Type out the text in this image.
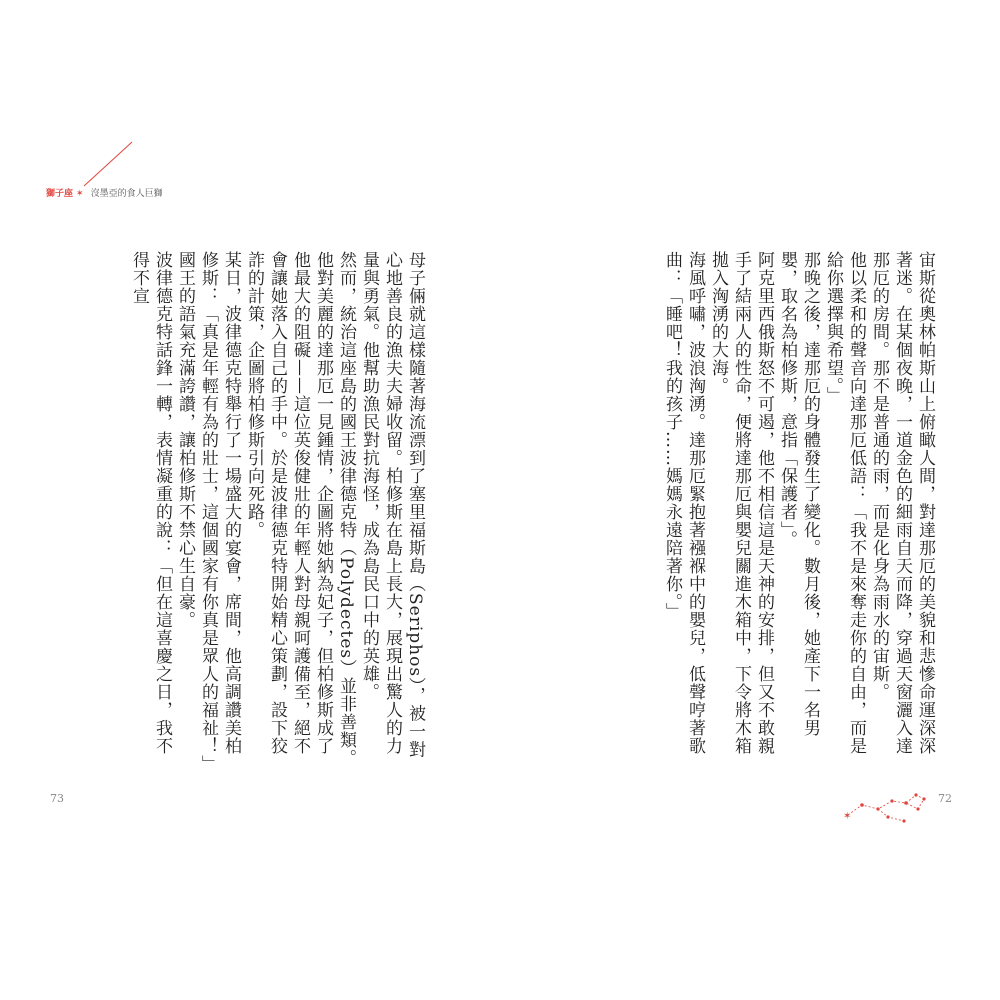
獅子座 ✶ 沒墨亞的食人巨獅

宙斯從奧林帕斯山上俯瞰人間，對達那厄的美貌和悲慘命運深深著迷。在某個夜晚，一道金色的細雨自天而降，穿過天窗灑入達那厄的房間。那不是普通的雨，而是化身為雨水的宙斯。

他以柔和的聲音向達那厄低語：「我不是來奪走你的自由，而是給你選擇與希望。」

那晚之後，達那厄的身體發生了變化。數月後，她產下一名男嬰，取名為柏修斯，意指「保護者」。

阿克里西俄斯怒不可遏，他不相信這是天神的安排，但又不敢親手了結兩人的性命，便將達那厄與嬰兒關進木箱中，下令將木箱拋入洶湧的大海。

海風呼嘯，波浪洶湧。達那厄緊抱著襁褓中的嬰兒，低聲哼著歌曲：「睡吧！我的孩子……媽媽永遠陪著你。」

母子倆就這樣隨著海流漂到了塞里福斯島（Seriphos），被一對心地善良的漁夫夫婦收留。柏修斯在島上長大，展現出驚人的力量與勇氣。他幫助漁民對抗海怪，成為島民口中的英雄。

然而，統治這座島的國王波律德克特（Polydectes）並非善類。他對美麗的達那厄一見鍾情，企圖將她納為妃子，但柏修斯成了他最大的阻礙——這位英俊健壯的年輕人對母親呵護備至，絕不會讓她落入自己的手中。於是波律德克特開始精心策劃，設下狡詐的計策，企圖將柏修斯引向死路。

某日，波律德克特舉行了一場盛大的宴會，席間，他高調讚美柏修斯：「真是年輕有為的壯士，這個國家有你真是眾人的福祉！」國王的語氣充滿誇讚，讓柏修斯不禁心生自豪。

波律德克特話鋒一轉，表情凝重的說：「但在這喜慶之日，我不得不宣

73	72
✶
